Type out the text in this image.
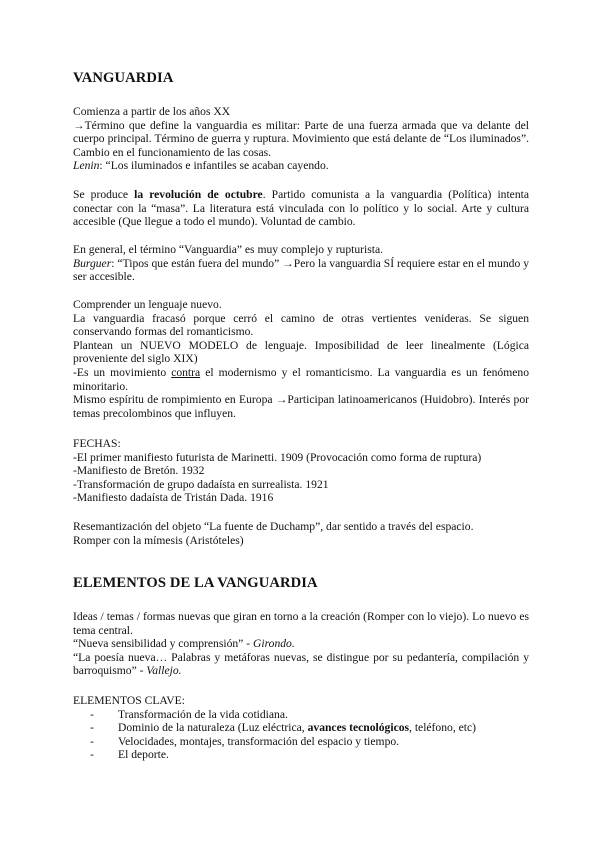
VANGUARDIA

Comienza a partir de los años XX

→Término que define la vanguardia es militar: Parte de una fuerza armada que va delante del cuerpo principal. Término de guerra y ruptura. Movimiento que está delante de “Los iluminados”. Cambio en el funcionamiento de las cosas.

Lenin: “Los iluminados e infantiles se acaban cayendo.

Se produce la revolución de octubre. Partido comunista a la vanguardia (Política) intenta conectar con la “masa”. La literatura está vinculada con lo político y lo social. Arte y cultura accesible (Que llegue a todo el mundo). Voluntad de cambio.

En general, el término “Vanguardia” es muy complejo y rupturista.

Burguer: “Tipos que están fuera del mundo” →Pero la vanguardia SÍ requiere estar en el mundo y ser accesible.

Comprender un lenguaje nuevo.

La vanguardia fracasó porque cerró el camino de otras vertientes venideras. Se siguen conservando formas del romanticismo.

Plantean un NUEVO MODELO de lenguaje. Imposibilidad de leer linealmente (Lógica proveniente del siglo XIX)

-Es un movimiento contra el modernismo y el romanticismo. La vanguardia es un fenómeno minoritario.

Mismo espíritu de rompimiento en Europa →Participan latinoamericanos (Huidobro). Interés por temas precolombinos que influyen.

FECHAS:

-El primer manifiesto futurista de Marinetti. 1909 (Provocación como forma de ruptura)

-Manifiesto de Bretón. 1932

-Transformación de grupo dadaísta en surrealista. 1921

-Manifiesto dadaísta de Tristán Dada. 1916

Resemantización del objeto “La fuente de Duchamp”, dar sentido a través del espacio.

Romper con la mímesis (Aristóteles)

ELEMENTOS DE LA VANGUARDIA

Ideas / temas / formas nuevas que giran en torno a la creación (Romper con lo viejo). Lo nuevo es tema central.

“Nueva sensibilidad y comprensión” - Girondo.

“La poesía nueva… Palabras y metáforas nuevas, se distingue por su pedantería, compilación y barroquismo” - Vallejo.

ELEMENTOS CLAVE:

- Transformación de la vida cotidiana.
- Dominio de la naturaleza (Luz eléctrica, avances tecnológicos, teléfono, etc)
- Velocidades, montajes, transformación del espacio y tiempo.
- El deporte.
